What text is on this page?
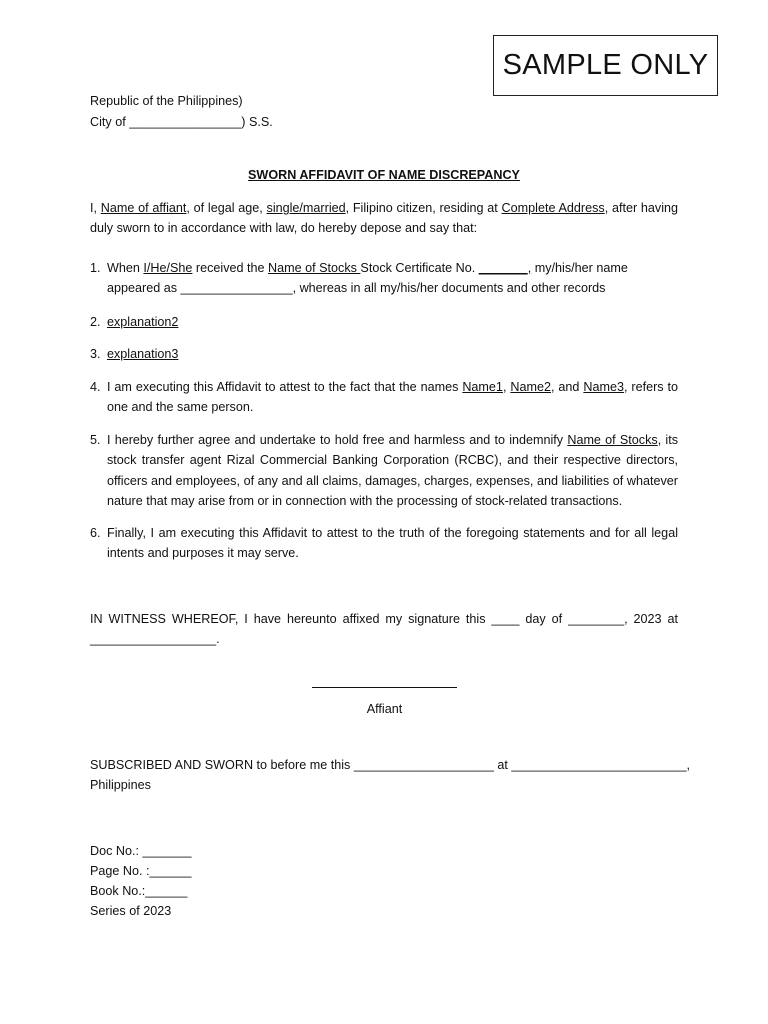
SAMPLE ONLY
Republic of the Philippines)
City of ________________) S.S.
SWORN AFFIDAVIT OF NAME DISCREPANCY
I, Name of affiant, of legal age, single/married, Filipino citizen, residing at Complete Address, after having duly sworn to in accordance with law, do hereby depose and say that:
1. When I/He/She received the Name of Stocks Stock Certificate No. _______, my/his/her name
appeared as ________________, whereas in all my/his/her documents and other records
2. explanation2
3. explanation3
4. I am executing this Affidavit to attest to the fact that the names Name1, Name2, and Name3, refers to one and the same person.
5. I hereby further agree and undertake to hold free and harmless and to indemnify Name of Stocks, its stock transfer agent Rizal Commercial Banking Corporation (RCBC), and their respective directors, officers and employees, of any and all claims, damages, charges, expenses, and liabilities of whatever nature that may arise from or in connection with the processing of stock-related transactions.
6. Finally, I am executing this Affidavit to attest to the truth of the foregoing statements and for all legal intents and purposes it may serve.
IN WITNESS WHEREOF, I have hereunto affixed my signature this ____ day of ________, 2023 at __________________.
Affiant
SUBSCRIBED AND SWORN to before me this ____________________ at _________________________,
Philippines
Doc No.: _______
Page No. :______
Book No.:______
Series of 2023
